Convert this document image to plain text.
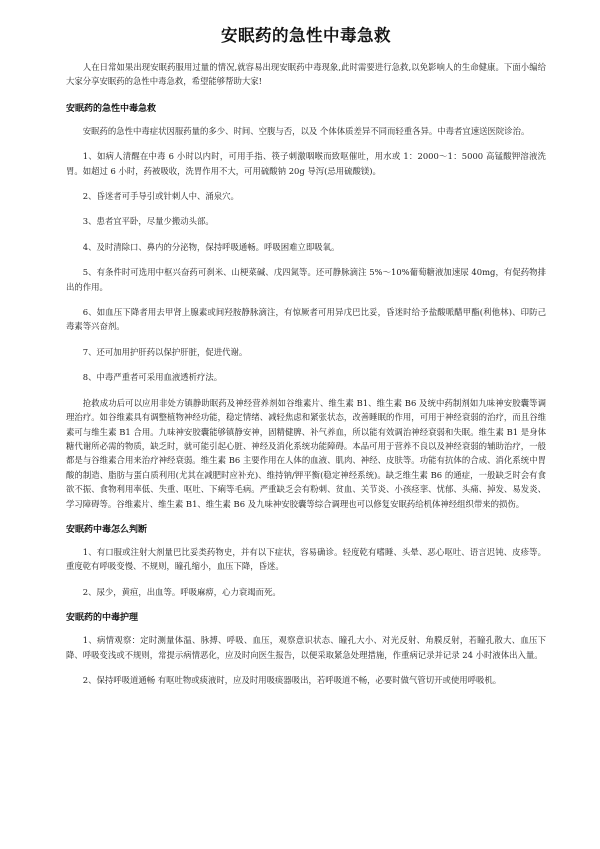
安眠药的急性中毒急救

人在日常如果出现安眠药服用过量的情况,就容易出现安眠药中毒现象,此时需要进行急救,以免影响人的生命健康。下面小编给大家分享安眠药的急性中毒急救，希望能够帮助大家!

安眠药的急性中毒急救

安眠药的急性中毒症状因服药量的多少、时间、空腹与否，以及 个体体质差异不同而轻重各异。中毒者宜速送医院诊治。

1、如病人清醒在中毒 6 小时以内时，可用手指、筷子刺激咽喉而致呕催吐，用水或 1：2000～1：5000 高锰酸钾溶液洗胃。如超过 6 小时，药被吸收，洗胃作用不大，可用硫酸钠 20g 导泻(忌用硫酸镁)。

2、昏迷者可手导引或针刺人中、涌泉穴。

3、患者宜平卧，尽量少搬动头部。

4、及时清除口、鼻内的分泌物，保持呼吸通畅。呼吸困难立即吸氧。

5、有条件时可选用中枢兴奋药可刹米、山梗菜碱、戊四氮等。还可静脉滴注 5%～10%葡萄糖液加速尿 40mg，有促药物排出的作用。

6、如血压下降者用去甲肾上腺素或间羟胺静脉滴注，有惊厥者可用异戊巴比妥，昏迷时给予盐酸哌醋甲酯(利他林)、印防己毒素等兴奋剂。

7、还可加用护肝药以保护肝脏，促进代谢。

8、中毒严重者可采用血液透析疗法。

抢救成功后可以应用非处方镇静助眠药及神经营养剂如谷维素片、维生素 B1、维生素 B6 及统中药制剂如九味神安胶囊等调理治疗。如谷维素具有调整植物神经功能，稳定情绪、减轻焦虑和紧张状态，改善睡眠的作用，可用于神经衰弱的治疗，而且谷维素可与维生素 B1 合用。九味神安胶囊能够镇静安神，固精健脾、补气养血，所以能有效调治神经衰弱和失眠。维生素 B1 是身体糖代谢所必需的物质，缺乏时，就可能引起心脏、神经及消化系统功能障碍。本品可用于营养不良以及神经衰弱的辅助治疗，一般都是与谷维素合用来治疗神经衰弱。维生素 B6 主要作用在人体的血液、肌肉、神经、皮肤等。功能有抗体的合成、消化系统中胃酸的制造、脂肪与蛋白质利用(尤其在减肥时应补充)、维持钠/钾平衡(稳定神经系统)。缺乏维生素 B6 的通症，一般缺乏时会有食欲不振、食物利用率低、失重、呕吐、下痢等毛病。严重缺乏会有粉刺、贫血、关节炎、小孩痉挛、忧郁、头痛、掉发、易发炎、学习障碍等。谷维素片、维生素 B1、维生素 B6 及九味神安胶囊等综合调理也可以修复安眠药给机体神经组织带来的损伤。

安眠药中毒怎么判断

1、有口服或注射大剂量巴比妥类药物史，并有以下症状，容易确诊。轻度乾有嗜睡、头晕、恶心呕吐、语言迟钝、皮疹等。重度乾有呼吸变慢、不规则，瞳孔缩小，血压下降，昏迷。

2、尿少，黄疸，出血等。呼吸麻痹，心力衰竭而死。

安眠药的中毒护理

1、病情观察：定时测量体温、脉搏、呼吸、血压，观察意识状态、瞳孔大小、对光反射、角膜反射，若瞳孔散大、血压下降、呼吸变浅或不规则，常提示病情恶化，应及时向医生报告，以便采取紧急处理措施，作重病记录并记录 24 小时液体出入量。

2、保持呼吸道通畅 有呕吐物或痰液时，应及时用吸痰器吸出，若呼吸道不畅，必要时做气管切开或使用呼吸机。
